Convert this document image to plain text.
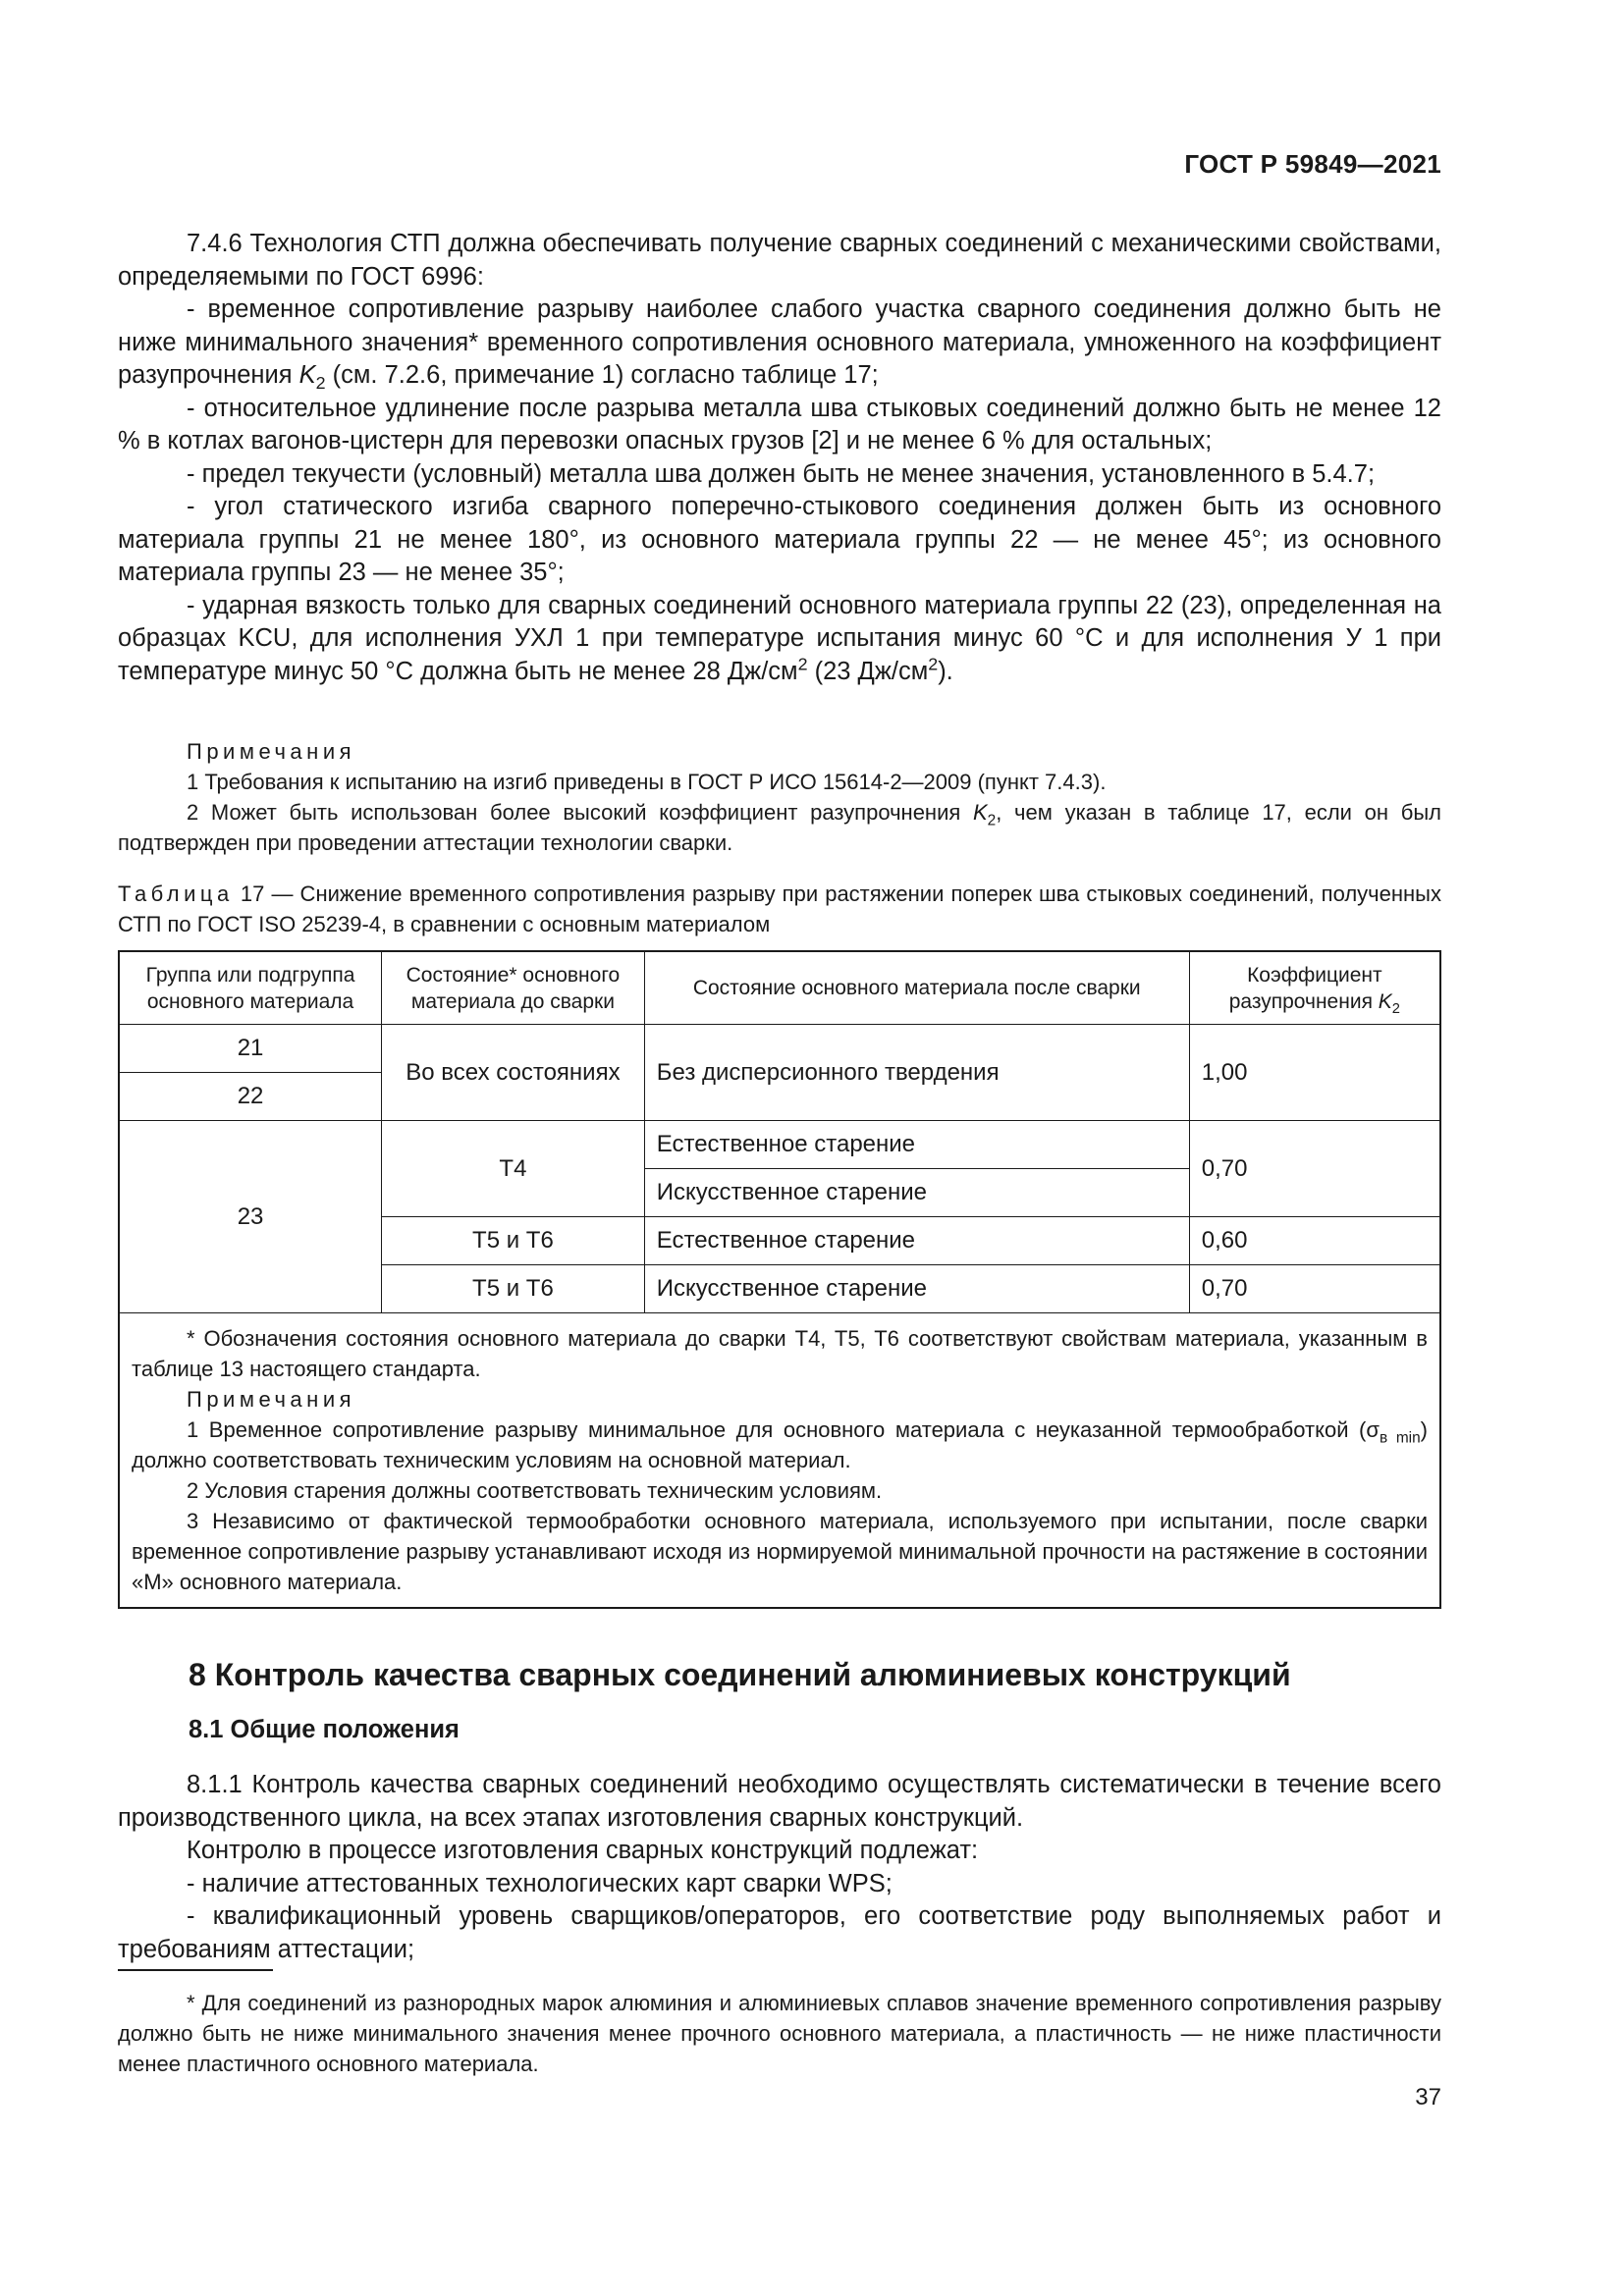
ГОСТ Р 59849—2021

7.4.6 Технология СТП должна обеспечивать получение сварных соединений с механическими свойствами, определяемыми по ГОСТ 6996:

- временное сопротивление разрыву наиболее слабого участка сварного соединения должно быть не ниже минимального значения* временного сопротивления основного материала, умноженного на коэффициент разупрочнения $K_2$ (см. 7.2.6, примечание 1) согласно таблице 17;

- относительное удлинение после разрыва металла шва стыковых соединений должно быть не менее 12 % в котлах вагонов-цистерн для перевозки опасных грузов [2] и не менее 6 % для остальных;

- предел текучести (условный) металла шва должен быть не менее значения, установленного в 5.4.7;

- угол статического изгиба сварного поперечно-стыкового соединения должен быть из основного материала группы 21 не менее 180°, из основного материала группы 22 — не менее 45°; из основного материала группы 23 — не менее 35°;

- ударная вязкость только для сварных соединений основного материала группы 22 (23), определенная на образцах KCU, для исполнения УХЛ 1 при температуре испытания минус 60 °C и для исполнения У 1 при температуре минус 50 °C должна быть не менее 28 $Дж/см^2$ (23 $Дж/см^2$).

Примечания

1 Требования к испытанию на изгиб приведены в ГОСТ Р ИСО 15614-2—2009 (пункт 7.4.3).

2 Может быть использован более высокий коэффициент разупрочнения $K_2$, чем указан в таблице 17, если он был подтвержден при проведении аттестации технологии сварки.

Таблица 17 — Снижение временного сопротивления разрыву при растяжении поперек шва стыковых соединений, полученных СТП по ГОСТ ISO 25239-4, в сравнении с основным материалом
Группа или подгруппа основного материала	Состояние* основного материала до сварки	Состояние основного материала после сварки	Коэффициент разупрочнения $K_2$
21	Во всех состояниях	Без дисперсионного твердения	1,00
22			
23	T4	Естественное старение	0,70
		Искусственное старение	
	T5 и T6	Естественное старение	0,60
	T5 и T6	Искусственное старение	0,70

* Обозначения состояния основного материала до сварки T4, T5, T6 соответствуют свойствам материала, указанным в таблице 13 настоящего стандарта.

Примечания

1 Временное сопротивление разрыву минимальное для основного материала с неуказанной термообработкой $(\sigma_{в min})$ должно соответствовать техническим условиям на основной материал.

2 Условия старения должны соответствовать техническим условиям.

3 Независимо от фактической термообработки основного материала, используемого при испытании, после сварки временное сопротивление разрыву устанавливают исходя из нормируемой минимальной прочности на растяжение в состоянии «М» основного материала.			

8 Контроль качества сварных соединений алюминиевых конструкций
8.1 Общие положения

8.1.1 Контроль качества сварных соединений необходимо осуществлять систематически в течение всего производственного цикла, на всех этапах изготовления сварных конструкций.

Контролю в процессе изготовления сварных конструкций подлежат:

- наличие аттестованных технологических карт сварки WPS;

- квалификационный уровень сварщиков/операторов, его соответствие роду выполняемых работ и требованиям аттестации;

* Для соединений из разнородных марок алюминия и алюминиевых сплавов значение временного сопротивления разрыву должно быть не ниже минимального значения менее прочного основного материала, а пластичность — не ниже пластичности менее пластичного основного материала.

37
